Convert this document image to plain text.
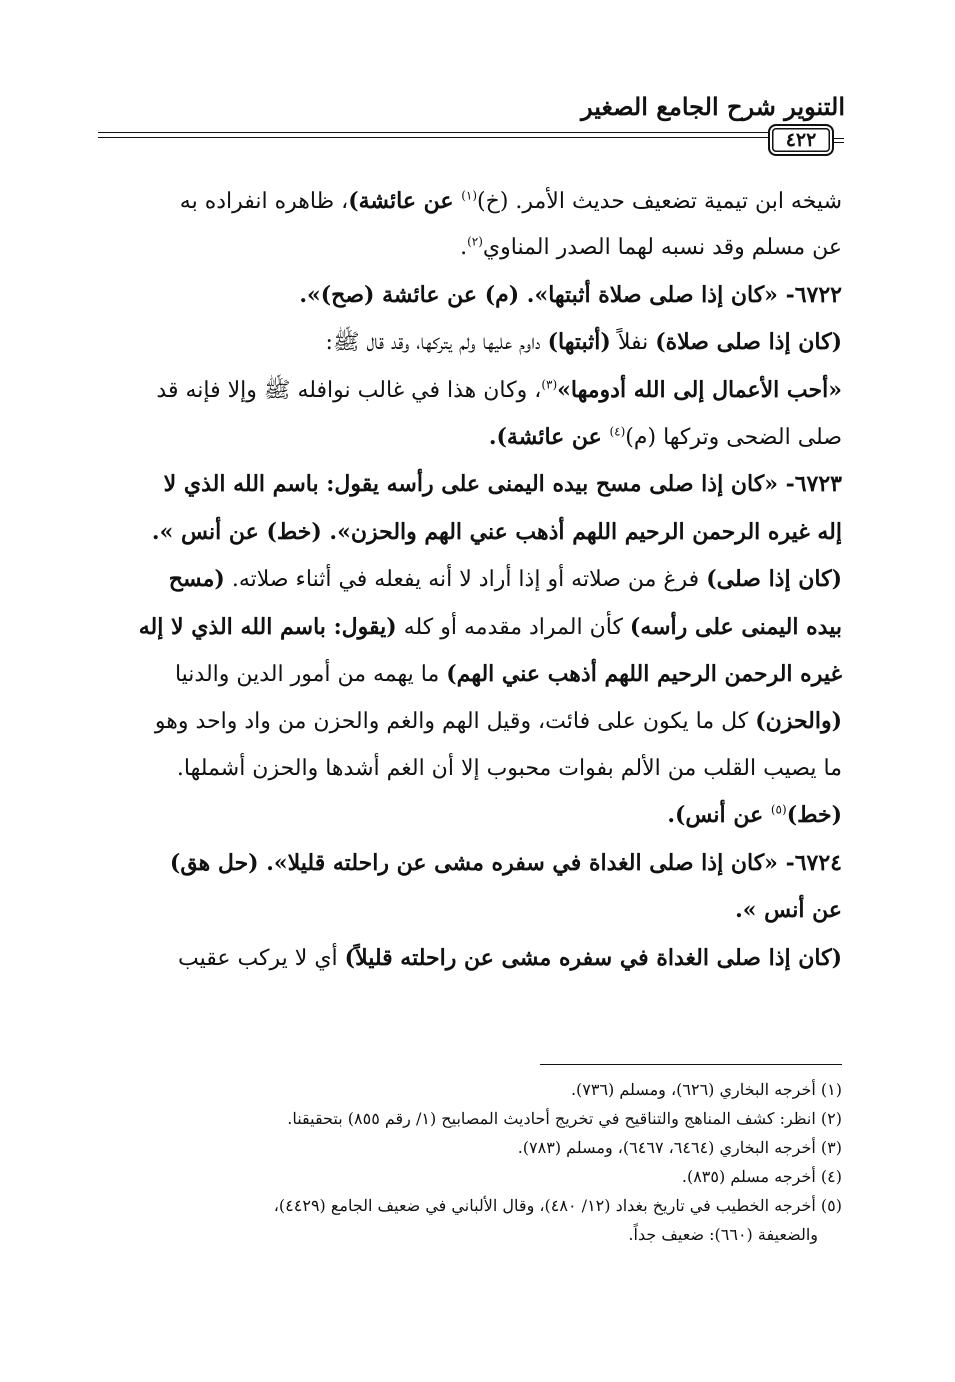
التنوير شرح الجامع الصغير
٤٢٢
شيخه ابن تيمية تضعيف حديث الأمر. (خ)$^{(١)}$ عن عائشة)، ظاهره انفراده به
عن مسلم وقد نسبه لهما الصدر المناوي$^{(٢)}$.
٦٧٢٢- «كان إذا صلى صلاة أثبتها». (م) عن عائشة (صح)».
(كان إذا صلى صلاة) نفلاً (أثبتها) داوم عليها ولم يتركها، وقد قال ﷺ:
«أحب الأعمال إلى الله أدومها»$^{(٣)}$، وكان هذا في غالب نوافله ﷺ وإلا فإنه قد
صلى الضحى وتركها (م)$^{(٤)}$ عن عائشة).
٦٧٢٣- «كان إذا صلى مسح بيده اليمنى على رأسه يقول: باسم الله الذي لا
إله غيره الرحمن الرحيم اللهم أذهب عني الهم والحزن». (خط) عن أنس ».
(كان إذا صلى) فرغ من صلاته أو إذا أراد لا أنه يفعله في أثناء صلاته. (مسح
بيده اليمنى على رأسه) كأن المراد مقدمه أو كله (يقول: باسم الله الذي لا إله
غيره الرحمن الرحيم اللهم أذهب عني الهم) ما يهمه من أمور الدين والدنيا
(والحزن) كل ما يكون على فائت، وقيل الهم والغم والحزن من واد واحد وهو
ما يصيب القلب من الألم بفوات محبوب إلا أن الغم أشدها والحزن أشملها.
(خط)$^{(٥)}$ عن أنس).
٦٧٢٤- «كان إذا صلى الغداة في سفره مشى عن راحلته قليلا». (حل هق)
عن أنس ».
(كان إذا صلى الغداة في سفره مشى عن راحلته قليلاً) أي لا يركب عقيب
(١) أخرجه البخاري (٦٢٦)، ومسلم (٧٣٦).
(٢) انظر: كشف المناهج والتناقيح في تخريج أحاديث المصابيح (١/ رقم ٨٥٥) بتحقيقنا.
(٣) أخرجه البخاري (٦٤٦٤، ٦٤٦٧)، ومسلم (٧٨٣).
(٤) أخرجه مسلم (٨٣٥).
(٥) أخرجه الخطيب في تاريخ بغداد (١٢/ ٤٨٠)، وقال الألباني في ضعيف الجامع (٤٤٢٩)،
والضعيفة (٦٦٠): ضعيف جداً.
